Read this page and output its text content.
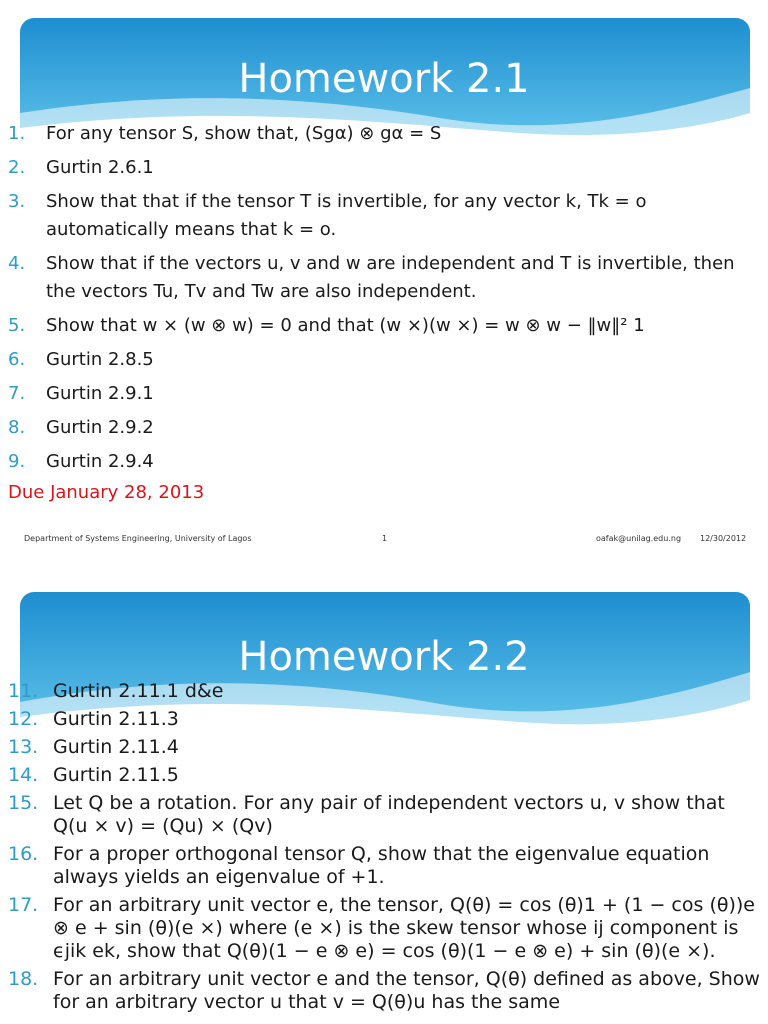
Homework 2.1
1. For any tensor S, show that, (Sgα) ⊗ gα = S
2. Gurtin 2.6.1
3. Show that that if the tensor T is invertible, for any vector k, Tk = o automatically means that k = o.
4. Show that if the vectors u, v and w are independent and T is invertible, then the vectors Tu, Tv and Tw are also independent.
5. Show that w × (w ⊗ w) = 0 and that (w ×)(w ×) = w ⊗ w − ‖w‖² 1
6. Gurtin 2.8.5
7. Gurtin 2.9.1
8. Gurtin 2.9.2
9. Gurtin 2.9.4
Due January 28, 2013
Department of Systems Engineering, University of Lagos	1	oafak@unilag.edu.ng 12/30/2012
Homework 2.2
11. Gurtin 2.11.1 d&e
12. Gurtin 2.11.3
13. Gurtin 2.11.4
14. Gurtin 2.11.5
15. Let Q be a rotation. For any pair of independent vectors u, v show that Q(u × v) = (Qu) × (Qv)
16. For a proper orthogonal tensor Q, show that the eigenvalue equation always yields an eigenvalue of +1.
17. For an arbitrary unit vector e, the tensor, Q(θ) = cos (θ)1 + (1 − cos (θ))e ⊗ e + sin (θ)(e ×) where (e ×) is the skew tensor whose ij component is ϵjik ek, show that Q(θ)(1 − e ⊗ e) = cos (θ)(1 − e ⊗ e) + sin (θ)(e ×).
18. For an arbitrary unit vector e and the tensor, Q(θ) defined as above, Show for an arbitrary vector u that v = Q(θ)u has the same
